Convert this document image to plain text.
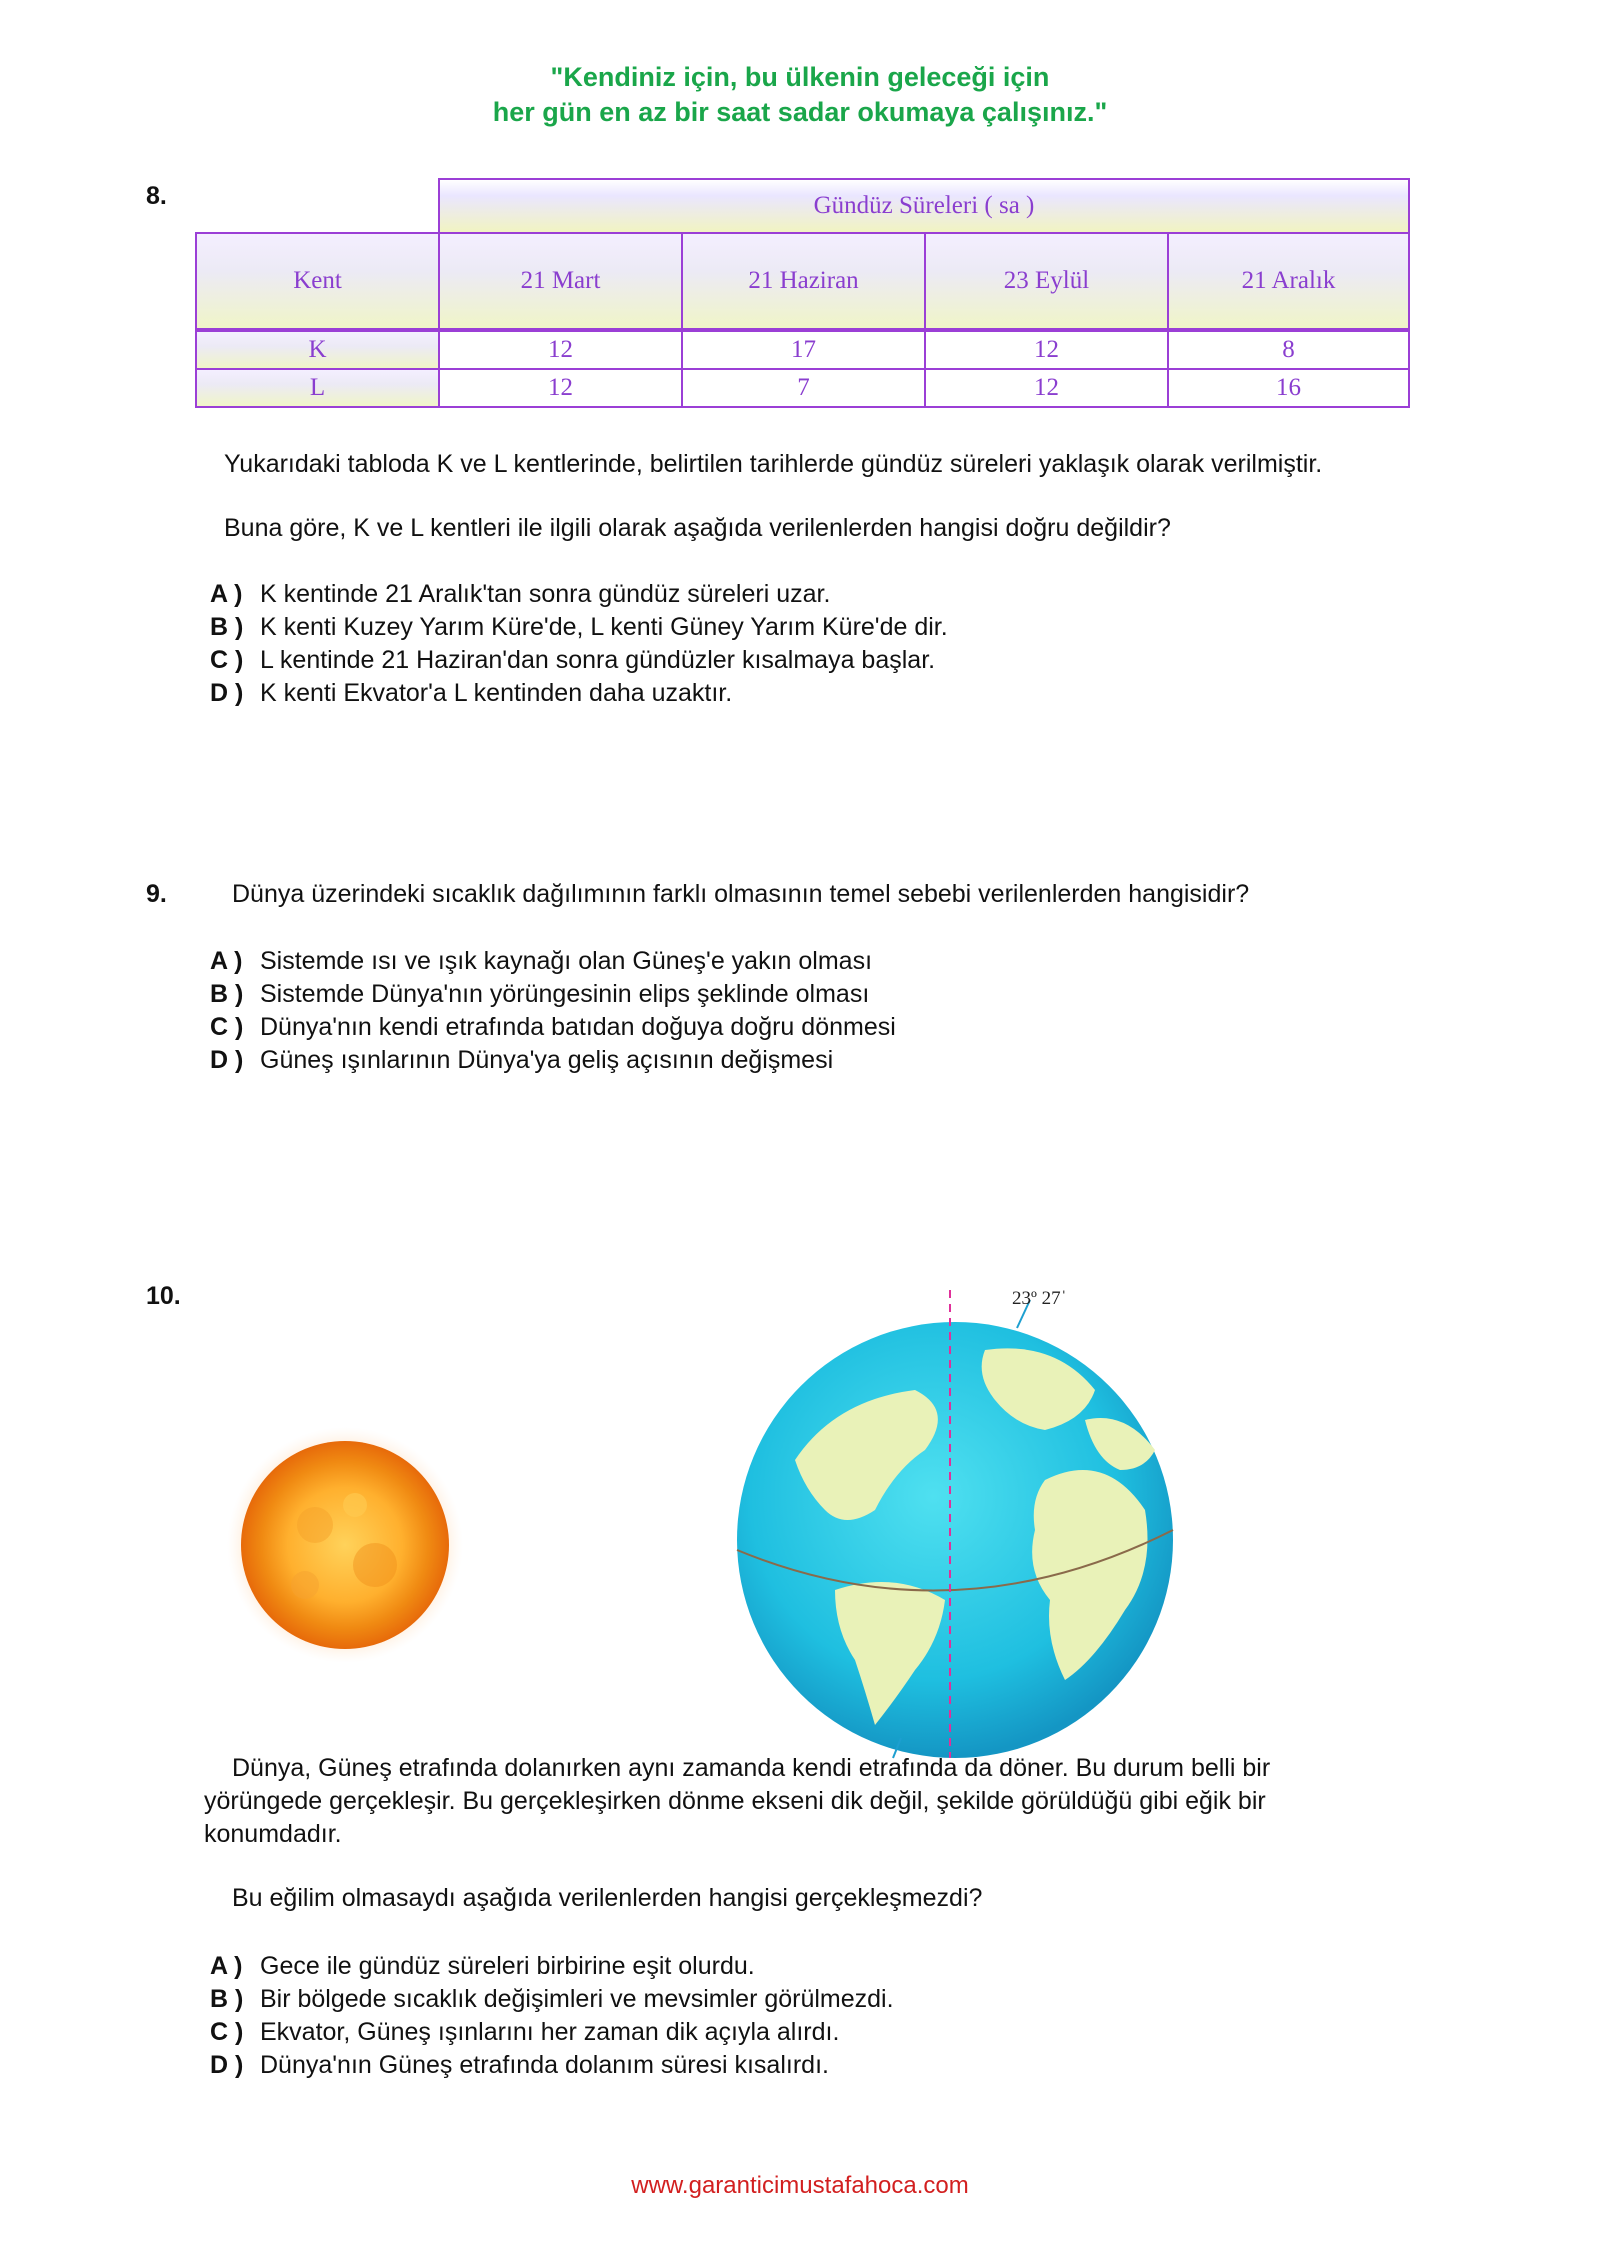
"Kendiniz için, bu ülkenin geleceği için
her gün en az bir saat sadar okumaya çalışınız."
8.	Gündüz Süreleri ( sa )
Kent	21 Mart	21 Haziran	23 Eylül	21 Aralık
K	12	17	12	8
L	12	7	12	16
Yukarıdaki tabloda K ve L kentlerinde, belirtilen tarihlerde gündüz süreleri yaklaşık olarak verilmiştir.
Buna göre, K ve L kentleri ile ilgili olarak aşağıda verilenlerden hangisi doğru değildir?
A ) K kentinde 21 Aralık'tan sonra gündüz süreleri uzar.
B ) K kenti Kuzey Yarım Küre'de, L kenti Güney Yarım Küre'de dir.
C ) L kentinde 21 Haziran'dan sonra gündüzler kısalmaya başlar.
D ) K kenti Ekvator'a L kentinden daha uzaktır.
9.	Dünya üzerindeki sıcaklık dağılımının farklı olmasının temel sebebi verilenlerden hangisidir?
A ) Sistemde ısı ve ışık kaynağı olan Güneş'e yakın olması
B ) Sistemde Dünya'nın yörüngesinin elips şeklinde olması
C ) Dünya'nın kendi etrafında batıdan doğuya doğru dönmesi
D ) Güneş ışınlarının Dünya'ya geliş açısının değişmesi
10.	23º 27ˈ
Dünya, Güneş etrafında dolanırken aynı zamanda kendi etrafında da döner. Bu durum belli bir
yörüngede gerçekleşir. Bu gerçekleşirken dönme ekseni dik değil, şekilde görüldüğü gibi eğik bir
konumdadır.
Bu eğilim olmasaydı aşağıda verilenlerden hangisi gerçekleşmezdi?
A ) Gece ile gündüz süreleri birbirine eşit olurdu.
B ) Bir bölgede sıcaklık değişimleri ve mevsimler görülmezdi.
C ) Ekvator, Güneş ışınlarını her zaman dik açıyla alırdı.
D ) Dünya'nın Güneş etrafında dolanım süresi kısalırdı.
www.garanticimustafahoca.com
